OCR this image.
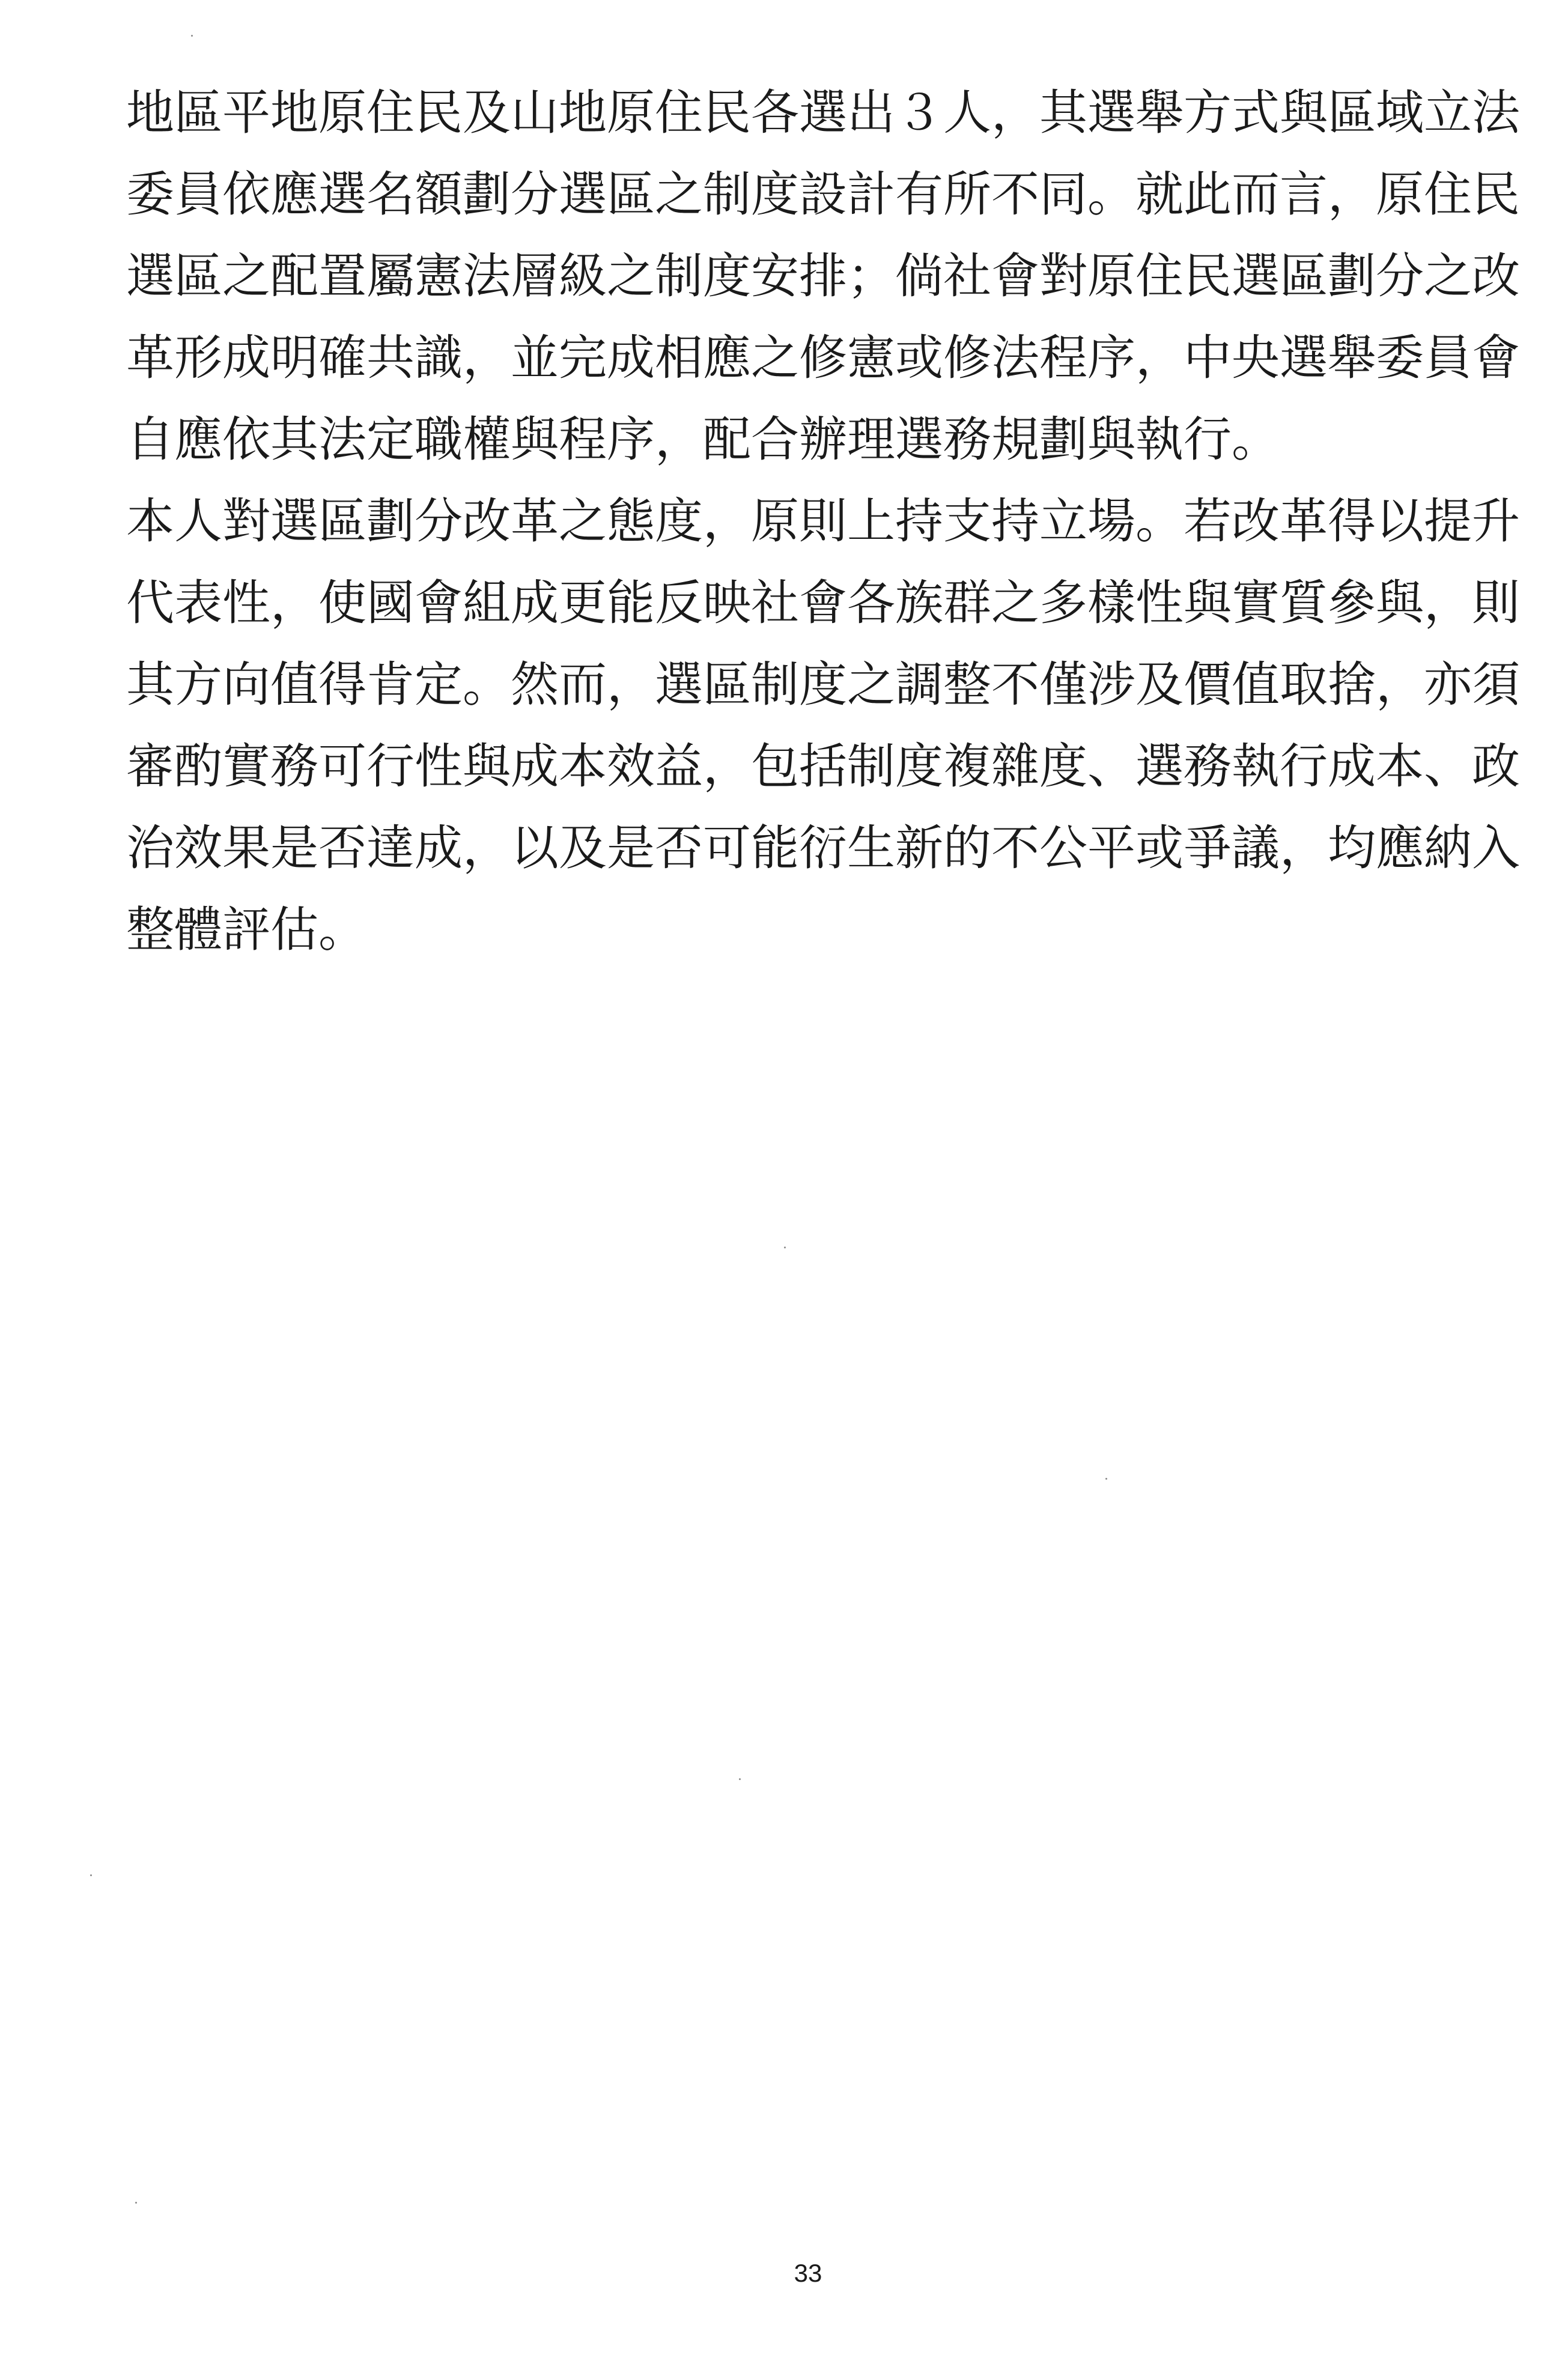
地區平地原住民及山地原住民各選出３人，其選舉方式與區域立法
委員依應選名額劃分選區之制度設計有所不同。就此而言，原住民
選區之配置屬憲法層級之制度安排；倘社會對原住民選區劃分之改
革形成明確共識，並完成相應之修憲或修法程序，中央選舉委員會
自應依其法定職權與程序，配合辦理選務規劃與執行。
本人對選區劃分改革之態度，原則上持支持立場。若改革得以提升
代表性，使國會組成更能反映社會各族群之多樣性與實質參與，則
其方向值得肯定。然而，選區制度之調整不僅涉及價值取捨，亦須
審酌實務可行性與成本效益，包括制度複雜度、選務執行成本、政
治效果是否達成，以及是否可能衍生新的不公平或爭議，均應納入
整體評估。
33
